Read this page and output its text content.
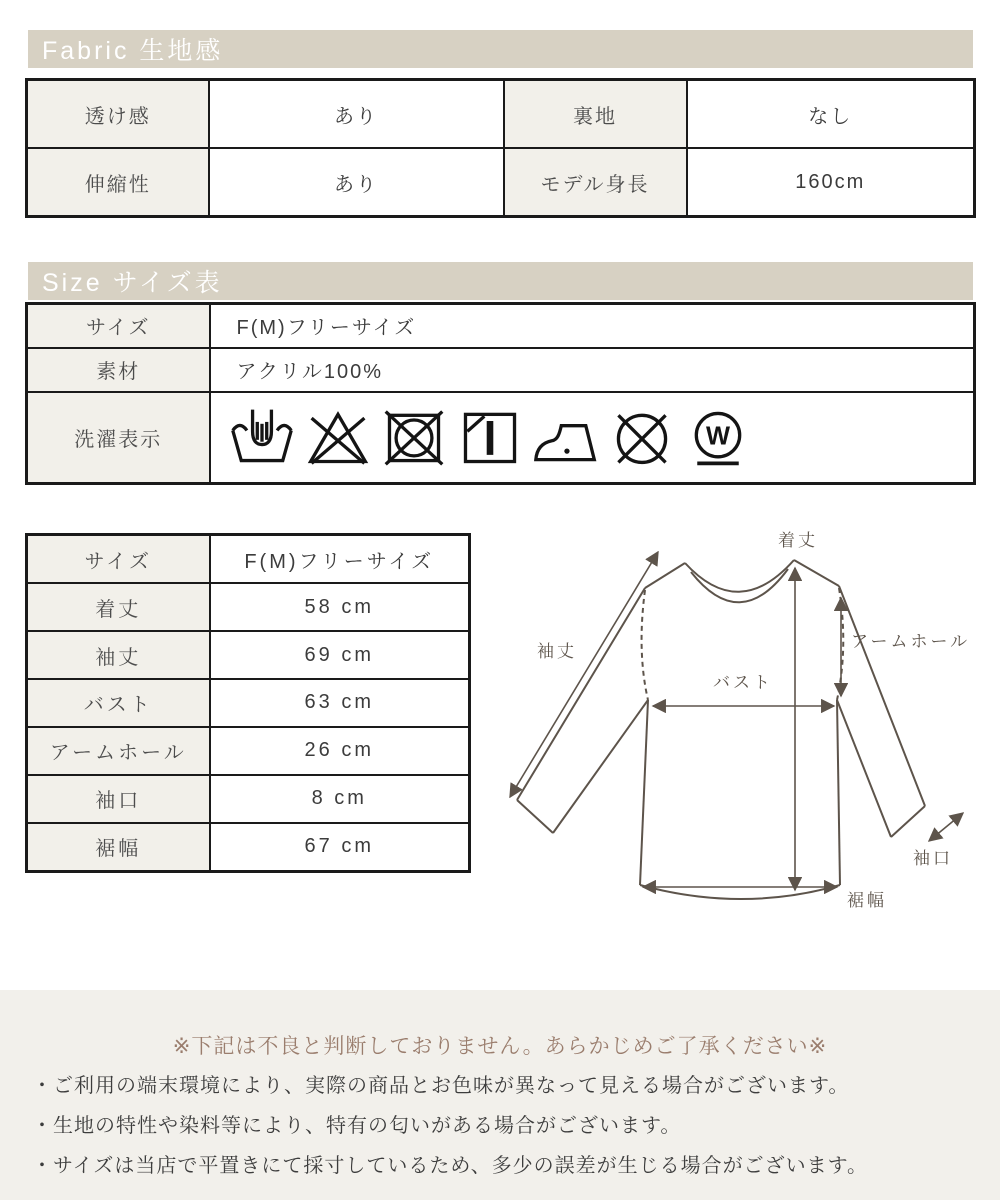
Fabric 生地感
透け感	あり	裏地	なし
伸縮性	あり	モデル身長	160cm
Size サイズ表
サイズ	F(M)フリーサイズ
素材	アクリル100%
洗濯表示	W
サイズ	F(M)フリーサイズ
着丈	58 cm
袖丈	69 cm
バスト	63 cm
アームホール	26 cm
袖口	8 cm
裾幅	67 cm
着丈
袖丈
アームホール
バスト
袖口
裾幅
※下記は不良と判断しておりません。あらかじめご了承ください※
・ご利用の端末環境により、実際の商品とお色味が異なって見える場合がございます。
・生地の特性や染料等により、特有の匂いがある場合がございます。
・サイズは当店で平置きにて採寸しているため、多少の誤差が生じる場合がございます。
